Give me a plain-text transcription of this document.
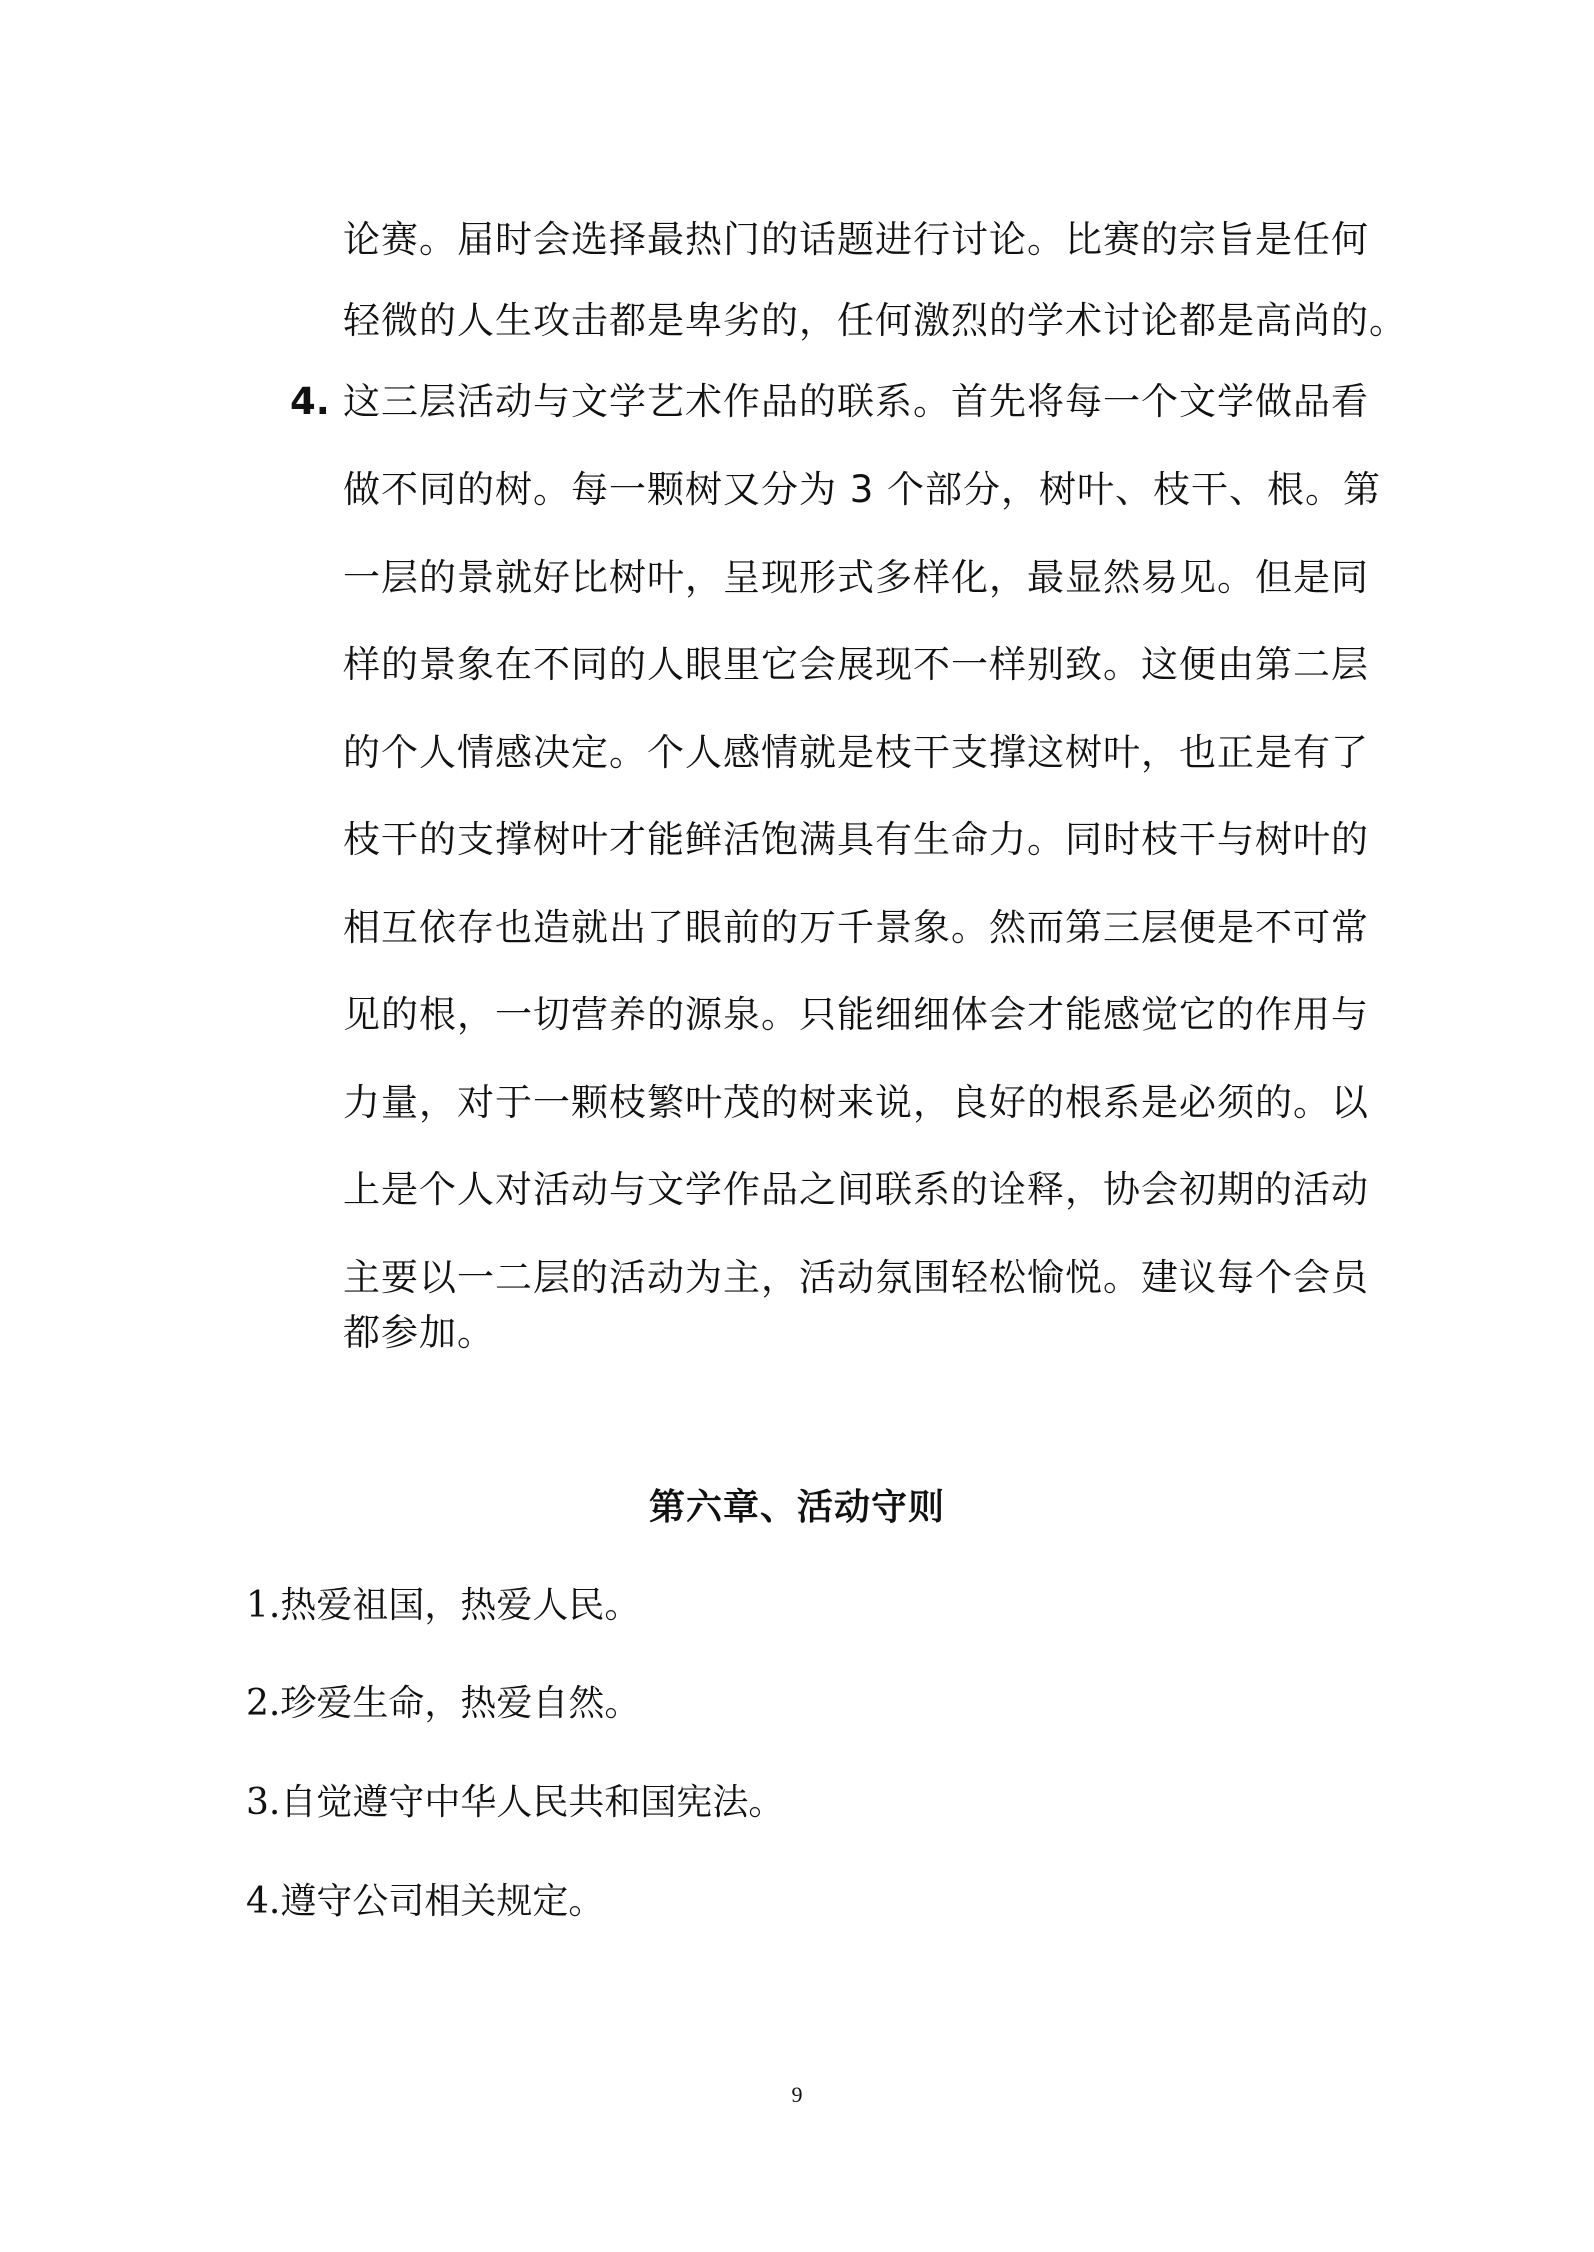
论赛。届时会选择最热门的话题进行讨论。比赛的宗旨是任何
轻微的人生攻击都是卑劣的，任何激烈的学术讨论都是高尚的。
4. 这三层活动与文学艺术作品的联系。首先将每一个文学做品看
做不同的树。每一颗树又分为 3 个部分，树叶、枝干、根。第
一层的景就好比树叶，呈现形式多样化，最显然易见。但是同
样的景象在不同的人眼里它会展现不一样别致。这便由第二层
的个人情感决定。个人感情就是枝干支撑这树叶，也正是有了
枝干的支撑树叶才能鲜活饱满具有生命力。同时枝干与树叶的
相互依存也造就出了眼前的万千景象。然而第三层便是不可常
见的根，一切营养的源泉。只能细细体会才能感觉它的作用与
力量，对于一颗枝繁叶茂的树来说，良好的根系是必须的。以
上是个人对活动与文学作品之间联系的诠释，协会初期的活动
主要以一二层的活动为主，活动氛围轻松愉悦。建议每个会员
都参加。
第六章、活动守则
1.热爱祖国，热爱人民。
2.珍爱生命，热爱自然。
3.自觉遵守中华人民共和国宪法。
4.遵守公司相关规定。
9
